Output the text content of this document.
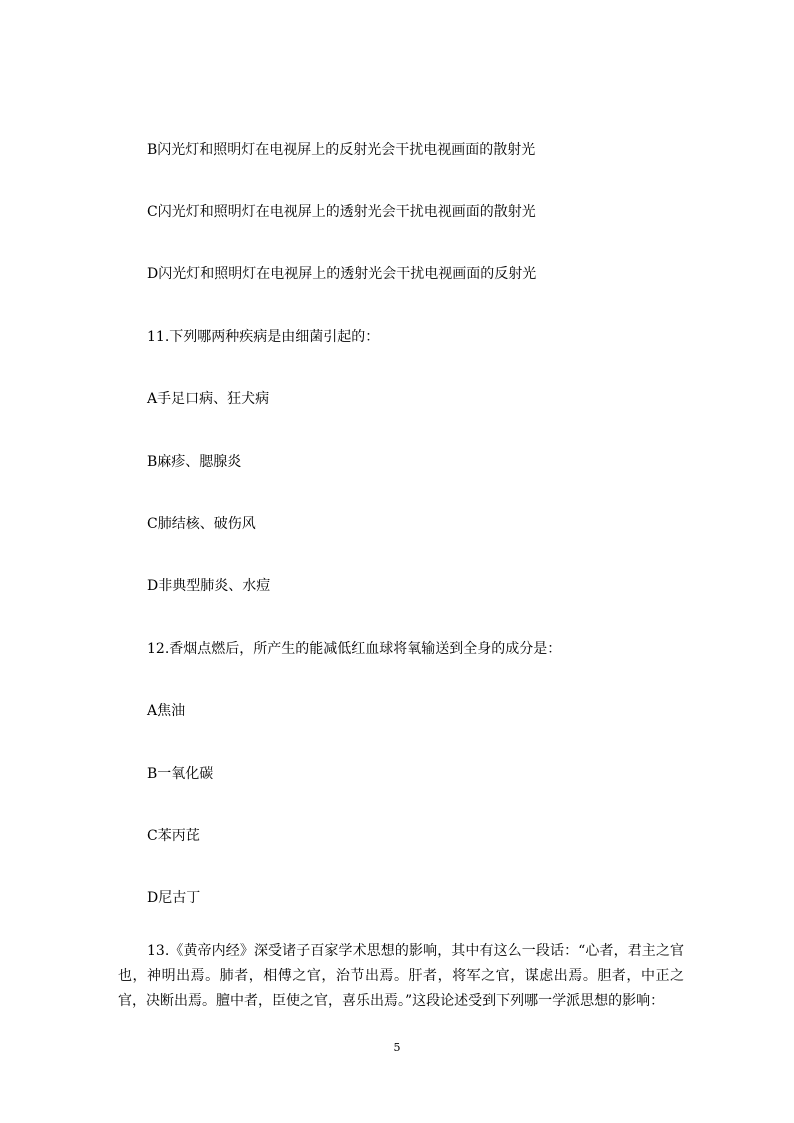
B闪光灯和照明灯在电视屏上的反射光会干扰电视画面的散射光
C闪光灯和照明灯在电视屏上的透射光会干扰电视画面的散射光
D闪光灯和照明灯在电视屏上的透射光会干扰电视画面的反射光
11.下列哪两种疾病是由细菌引起的：
A手足口病、狂犬病
B麻疹、腮腺炎
C肺结核、破伤风
D非典型肺炎、水痘
12.香烟点燃后，所产生的能减低红血球将氧输送到全身的成分是：
A焦油
B一氧化碳
C苯丙芘
D尼古丁
13.《黄帝内经》深受诸子百家学术思想的影响，其中有这么一段话：“心者，君主之官也，神明出焉。肺者，相傅之官，治节出焉。肝者，将军之官，谋虑出焉。胆者，中正之官，决断出焉。膻中者，臣使之官，喜乐出焉。”这段论述受到下列哪一学派思想的影响：
5
